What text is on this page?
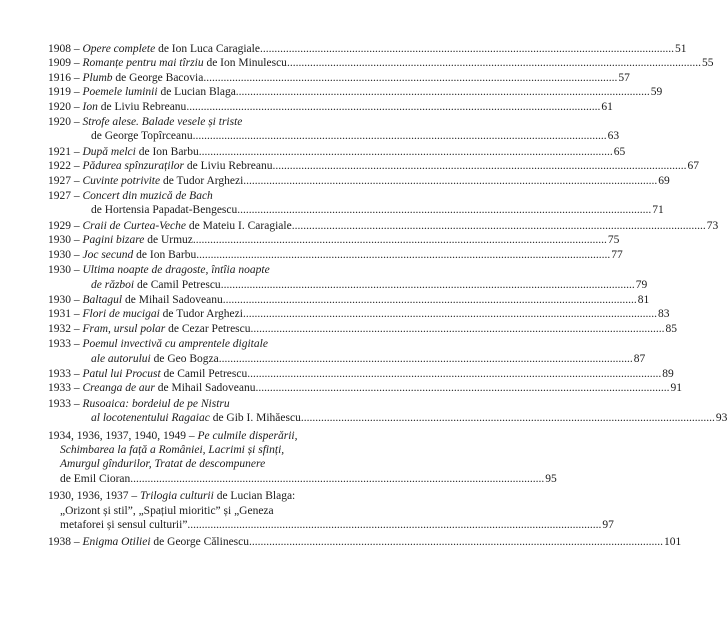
1908 – Opere complete de Ion Luca Caragiale .....	51
1909 – Romanțe pentru mai tîrziu de Ion Minulescu .....	55
1916 – Plumb de George Bacovia .....	57
1919 – Poemele luminii de Lucian Blaga .....	59
1920 – Ion de Liviu Rebreanu .....	61
1920 – Strofe alese. Balade vesele și triste
de George Topîrceanu .....	63
1921 – După melci de Ion Barbu .....	65
1922 – Pădurea spînzuraților de Liviu Rebreanu .....	67
1927 – Cuvinte potrivite de Tudor Arghezi .....	69
1927 – Concert din muzică de Bach
de Hortensia Papadat-Bengescu .....	71
1929 – Craii de Curtea-Veche de Mateiu I. Caragiale .....	73
1930 – Pagini bizare de Urmuz .....	75
1930 – Joc secund de Ion Barbu .....	77
1930 – Ultima noapte de dragoste, întîia noapte
de război de Camil Petrescu .....	79
1930 – Baltagul de Mihail Sadoveanu .....	81
1931 – Flori de mucigai de Tudor Arghezi .....	83
1932 – Fram, ursul polar de Cezar Petrescu .....	85
1933 – Poemul invectivă cu amprentele digitale
ale autorului de Geo Bogza .....	87
1933 – Patul lui Procust de Camil Petrescu .....	89
1933 – Creanga de aur de Mihail Sadoveanu .....	91
1933 – Rusoaica: bordeiul de pe Nistru
al locotenentului Ragaiac de Gib I. Mihăescu .....	93
1934, 1936, 1937, 1940, 1949 – Pe culmile disperării,
Schimbarea la față a României, Lacrimi și sfinți,
Amurgul gîndurilor, Tratat de descompunere
de Emil Cioran .....	95
1930, 1936, 1937 – Trilogia culturii de Lucian Blaga:
„Orizont și stil”, „Spațiul mioritic” și „Geneza
metaforei și sensul culturii” .....	97
1938 – Enigma Otiliei de George Călinescu .....	101
